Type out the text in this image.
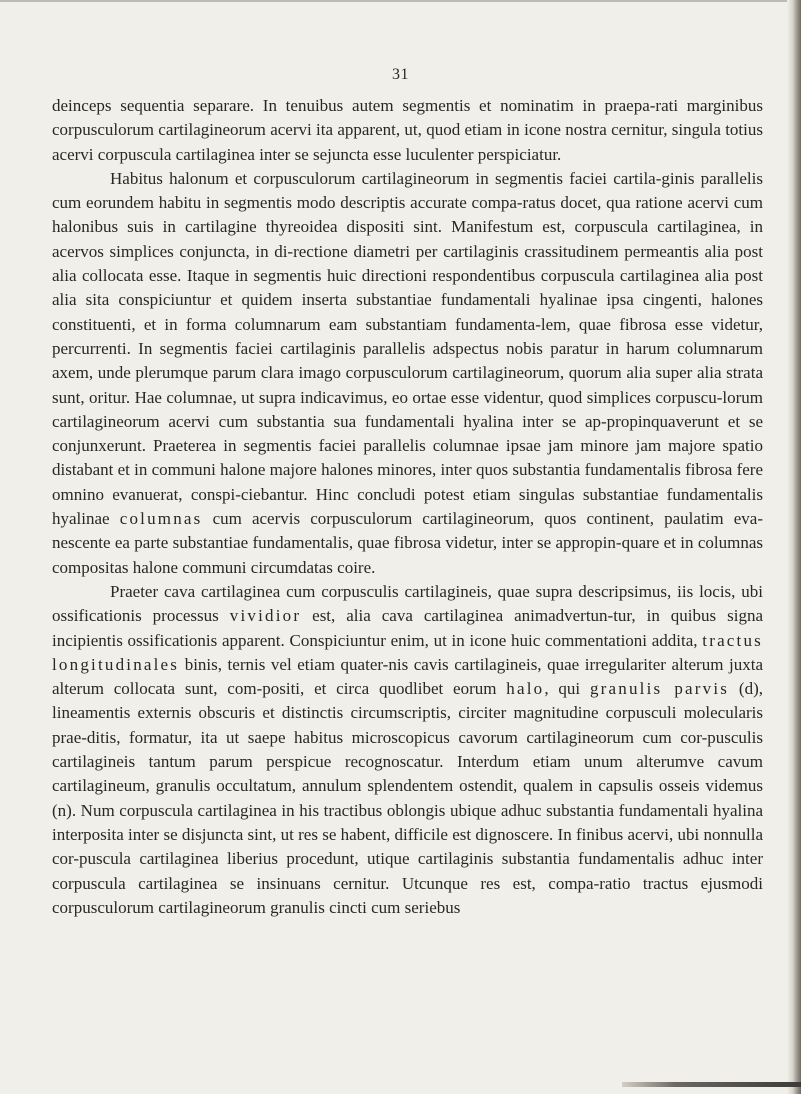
31

deinceps sequentia separare. In tenuibus autem segmentis et nominatim in praepa-rati marginibus corpusculorum cartilagineorum acervi ita apparent, ut, quod etiam in icone nostra cernitur, singula totius acervi corpuscula cartilaginea inter se sejuncta esse luculenter perspiciatur.

Habitus halonum et corpusculorum cartilagineorum in segmentis faciei cartila-ginis parallelis cum eorundem habitu in segmentis modo descriptis accurate compa-ratus docet, qua ratione acervi cum halonibus suis in cartilagine thyreoidea dispositi sint. Manifestum est, corpuscula cartilaginea, in acervos simplices conjuncta, in di-rectione diametri per cartilaginis crassitudinem permeantis alia post alia collocata esse. Itaque in segmentis huic directioni respondentibus corpuscula cartilaginea alia post alia sita conspiciuntur et quidem inserta substantiae fundamentali hyalinae ipsa cingenti, halones constituenti, et in forma columnarum eam substantiam fundamenta-lem, quae fibrosa esse videtur, percurrenti. In segmentis faciei cartilaginis parallelis adspectus nobis paratur in harum columnarum axem, unde plerumque parum clara imago corpusculorum cartilagineorum, quorum alia super alia strata sunt, oritur. Hae columnae, ut supra indicavimus, eo ortae esse videntur, quod simplices corpuscu-lorum cartilagineorum acervi cum substantia sua fundamentali hyalina inter se ap-propinquaverunt et se conjunxerunt. Praeterea in segmentis faciei parallelis columnae ipsae jam minore jam majore spatio distabant et in communi halone majore halones minores, inter quos substantia fundamentalis fibrosa fere omnino evanuerat, conspi-ciebantur. Hinc concludi potest etiam singulas substantiae fundamentalis hyalinae columnas cum acervis corpusculorum cartilagineorum, quos continent, paulatim eva-nescente ea parte substantiae fundamentalis, quae fibrosa videtur, inter se appropin-quare et in columnas compositas halone communi circumdatas coire.

Praeter cava cartilaginea cum corpusculis cartilagineis, quae supra descripsimus, iis locis, ubi ossificationis processus vividior est, alia cava cartilaginea animadvertun-tur, in quibus signa incipientis ossificationis apparent. Conspiciuntur enim, ut in icone huic commentationi addita, tractus longitudinales binis, ternis vel etiam quater-nis cavis cartilagineis, quae irregulariter alterum juxta alterum collocata sunt, com-positi, et circa quodlibet eorum halo, qui granulis parvis (d), lineamentis externis obscuris et distinctis circumscriptis, circiter magnitudine corpusculi molecularis prae-ditis, formatur, ita ut saepe habitus microscopicus cavorum cartilagineorum cum cor-pusculis cartilagineis tantum parum perspicue recognoscatur. Interdum etiam unum alterumve cavum cartilagineum, granulis occultatum, annulum splendentem ostendit, qualem in capsulis osseis videmus (n). Num corpuscula cartilaginea in his tractibus oblongis ubique adhuc substantia fundamentali hyalina interposita inter se disjuncta sint, ut res se habent, difficile est dignoscere. In finibus acervi, ubi nonnulla cor-puscula cartilaginea liberius procedunt, utique cartilaginis substantia fundamentalis adhuc inter corpuscula cartilaginea se insinuans cernitur. Utcunque res est, compa-ratio tractus ejusmodi corpusculorum cartilagineorum granulis cincti cum seriebus
